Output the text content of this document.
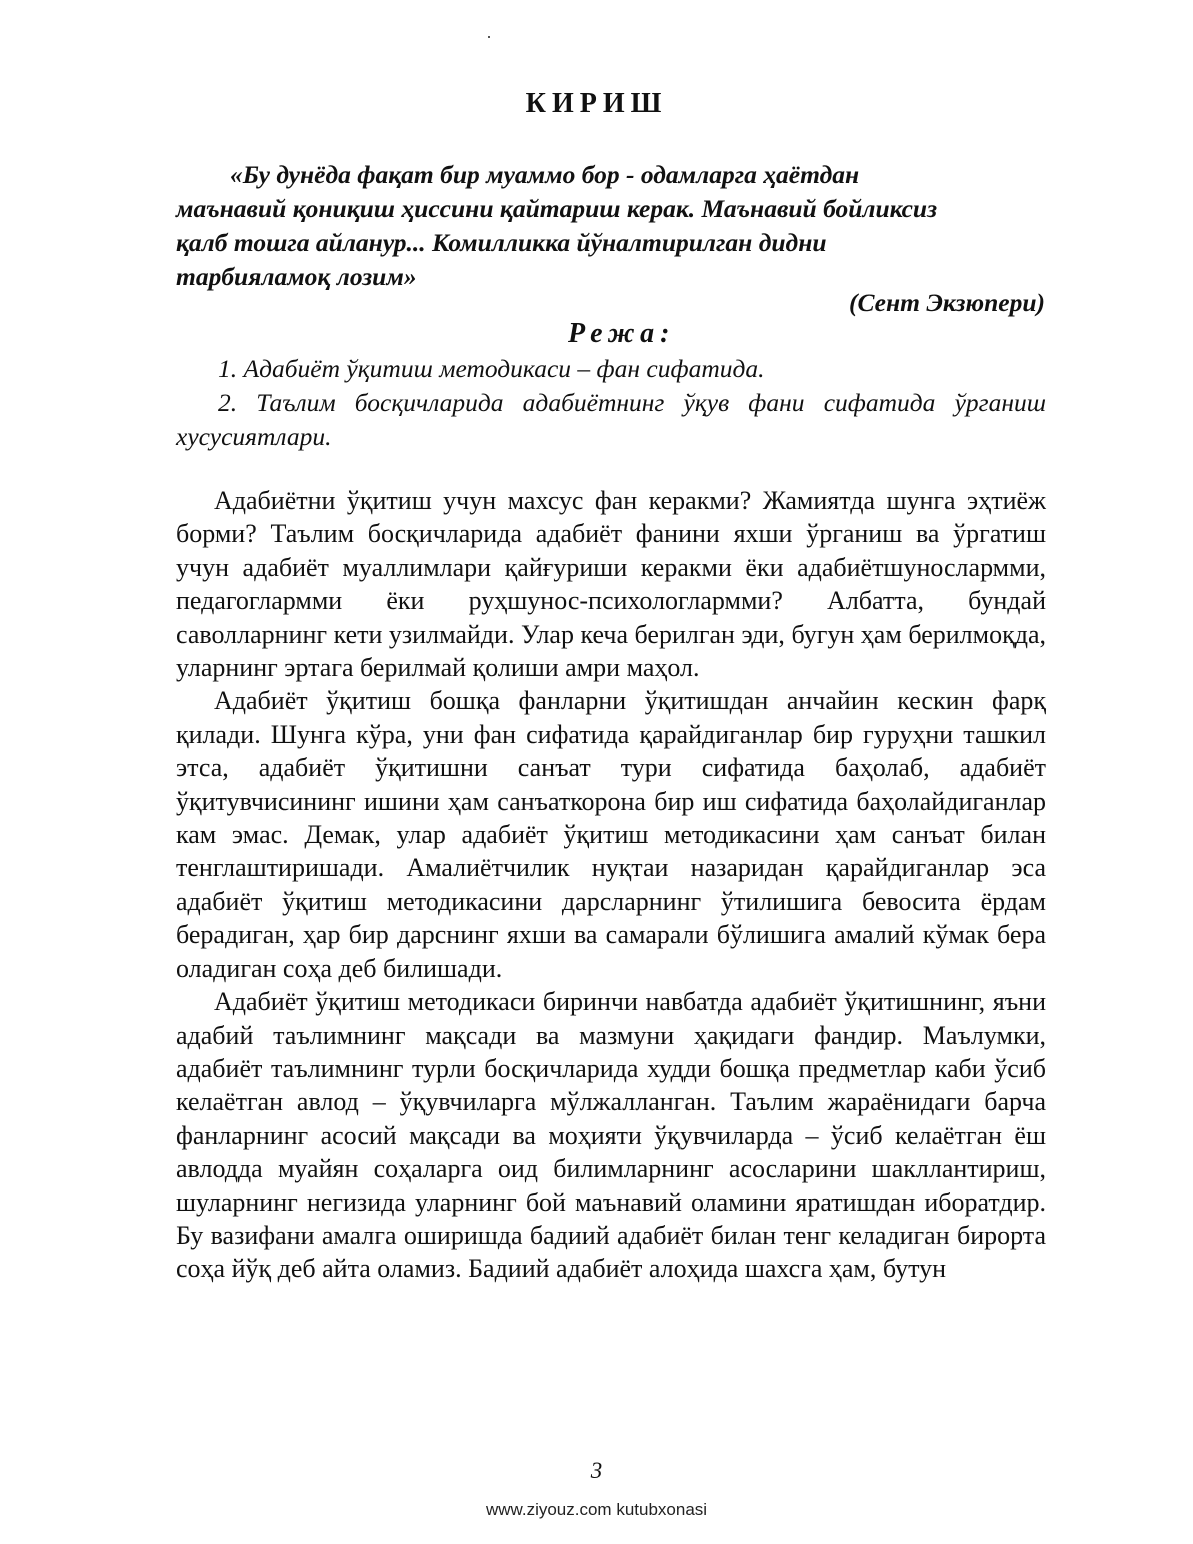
КИРИШ
«Бу дунёда фақат бир муаммо бор - одамларга ҳаётдан
маънавий қониқиш ҳиссини қайтариш керак. Маънавий бойликсиз
қалб тошга айланур... Комилликка йўналтирилган дидни
тарбияламоқ лозим»
(Сент Экзюпери)
Режа:
1. Адабиёт ўқитиш методикаси – фан сифатида.
2. Таълим босқичларида адабиётнинг ўқув фани сифатида ўрганиш хусусиятлари.

Адабиётни ўқитиш учун махсус фан керакми? Жамиятда шунга эҳтиёж борми? Таълим босқичларида адабиёт фанини яхши ўрганиш ва ўргатиш учун адабиёт муаллимлари қайғуриши керакми ёки адабиётшунослармми, педагоглармми ёки руҳшунос-психологлармми? Албатта, бундай саволларнинг кети узилмайди. Улар кеча берилган эди, бугун ҳам берилмоқда, уларнинг эртага берилмай қолиши амри маҳол.

Адабиёт ўқитиш бошқа фанларни ўқитишдан анчайин кескин фарқ қилади. Шунга кўра, уни фан сифатида қарайдиганлар бир гуруҳни ташкил этса, адабиёт ўқитишни санъат тури сифатида баҳолаб, адабиёт ўқитувчисининг ишини ҳам санъаткорона бир иш сифатида баҳолайдиганлар кам эмас. Демак, улар адабиёт ўқитиш методикасини ҳам санъат билан тенглаштиришади. Амалиётчилик нуқтаи назаридан қарайдиганлар эса адабиёт ўқитиш методикасини дарсларнинг ўтилишига бевосита ёрдам берадиган, ҳар бир дарснинг яхши ва самарали бўлишига амалий кўмак бера оладиган соҳа деб билишади.

Адабиёт ўқитиш методикаси биринчи навбатда адабиёт ўқитишнинг, яъни адабий таълимнинг мақсади ва мазмуни ҳақидаги фандир. Маълумки, адабиёт таълимнинг турли босқичларида худди бошқа предметлар каби ўсиб келаётган авлод – ўқувчиларга мўлжалланган. Таълим жараёнидаги барча фанларнинг асосий мақсади ва моҳияти ўқувчиларда – ўсиб келаётган ёш авлодда муайян соҳаларга оид билимларнинг асосларини шакллантириш, шуларнинг негизида уларнинг бой маънавий оламини яратишдан иборатдир. Бу вазифани амалга оширишда бадиий адабиёт билан тенг келадиган бирорта соҳа йўқ деб айта оламиз. Бадиий адабиёт алоҳида шахсга ҳам, бутун

3
www.ziyouz.com kutubxonasi
